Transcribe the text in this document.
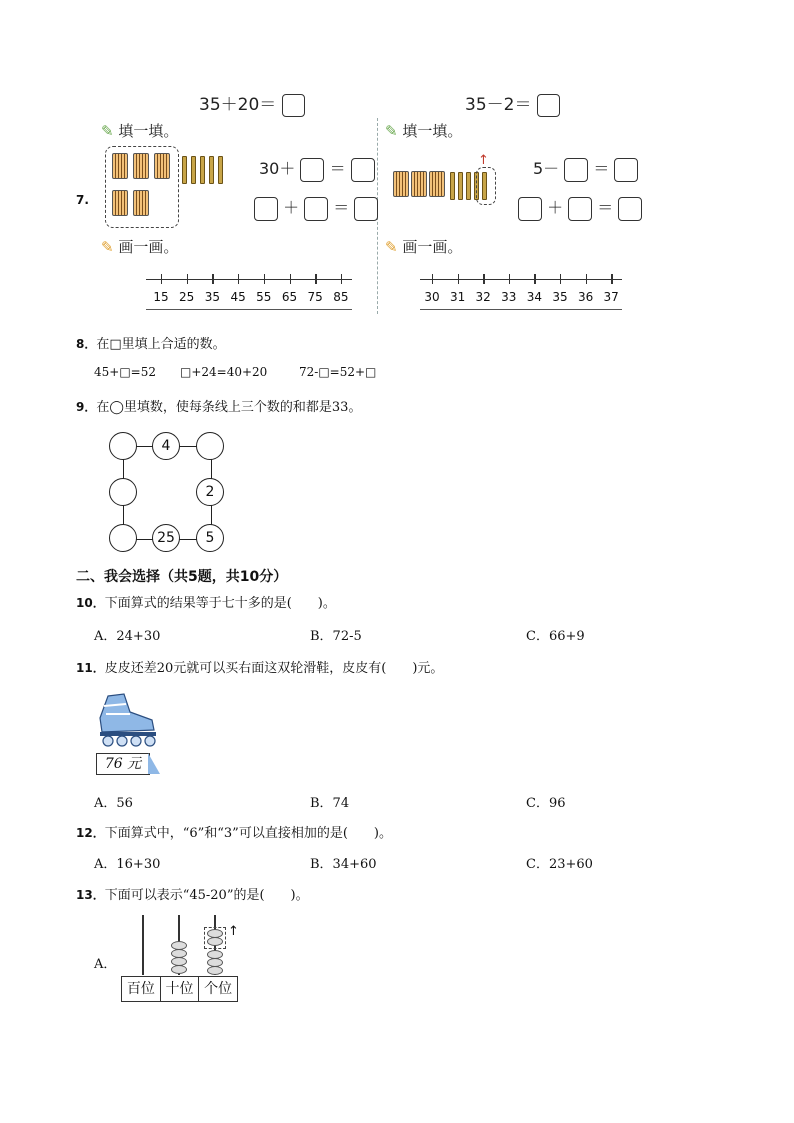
35＋20＝	35－2＝
✎ 填一填。	✎ 填一填。
7.
30＋ ＝
＋ ＝
↑	5－ ＝
＋ ＝
✎ 画一画。	✎ 画一画。
15 25 35 45 55 65 75 85	30 31 32 33 34 35 36 37
8．在□里填上合适的数。
45+□=52 □+24=40+20	72-□=52+□
9．在◯里填数，使每条线上三个数的和都是33。
4
2
25	5
二、我会选择（共5题，共10分）
10．下面算式的结果等于七十多的是(　　)。
A．24+30	B．72-5	C．66+9
11．皮皮还差20元就可以买右面这双轮滑鞋，皮皮有(　　)元。
76 元
A．56	B．74	C．96
12．下面算式中，“6”和“3”可以直接相加的是(　　)。
A．16+30	B．34+60	C．23+60
13．下面可以表示“45-20”的是(　　)。
A．
↑
百位 十位 个位
